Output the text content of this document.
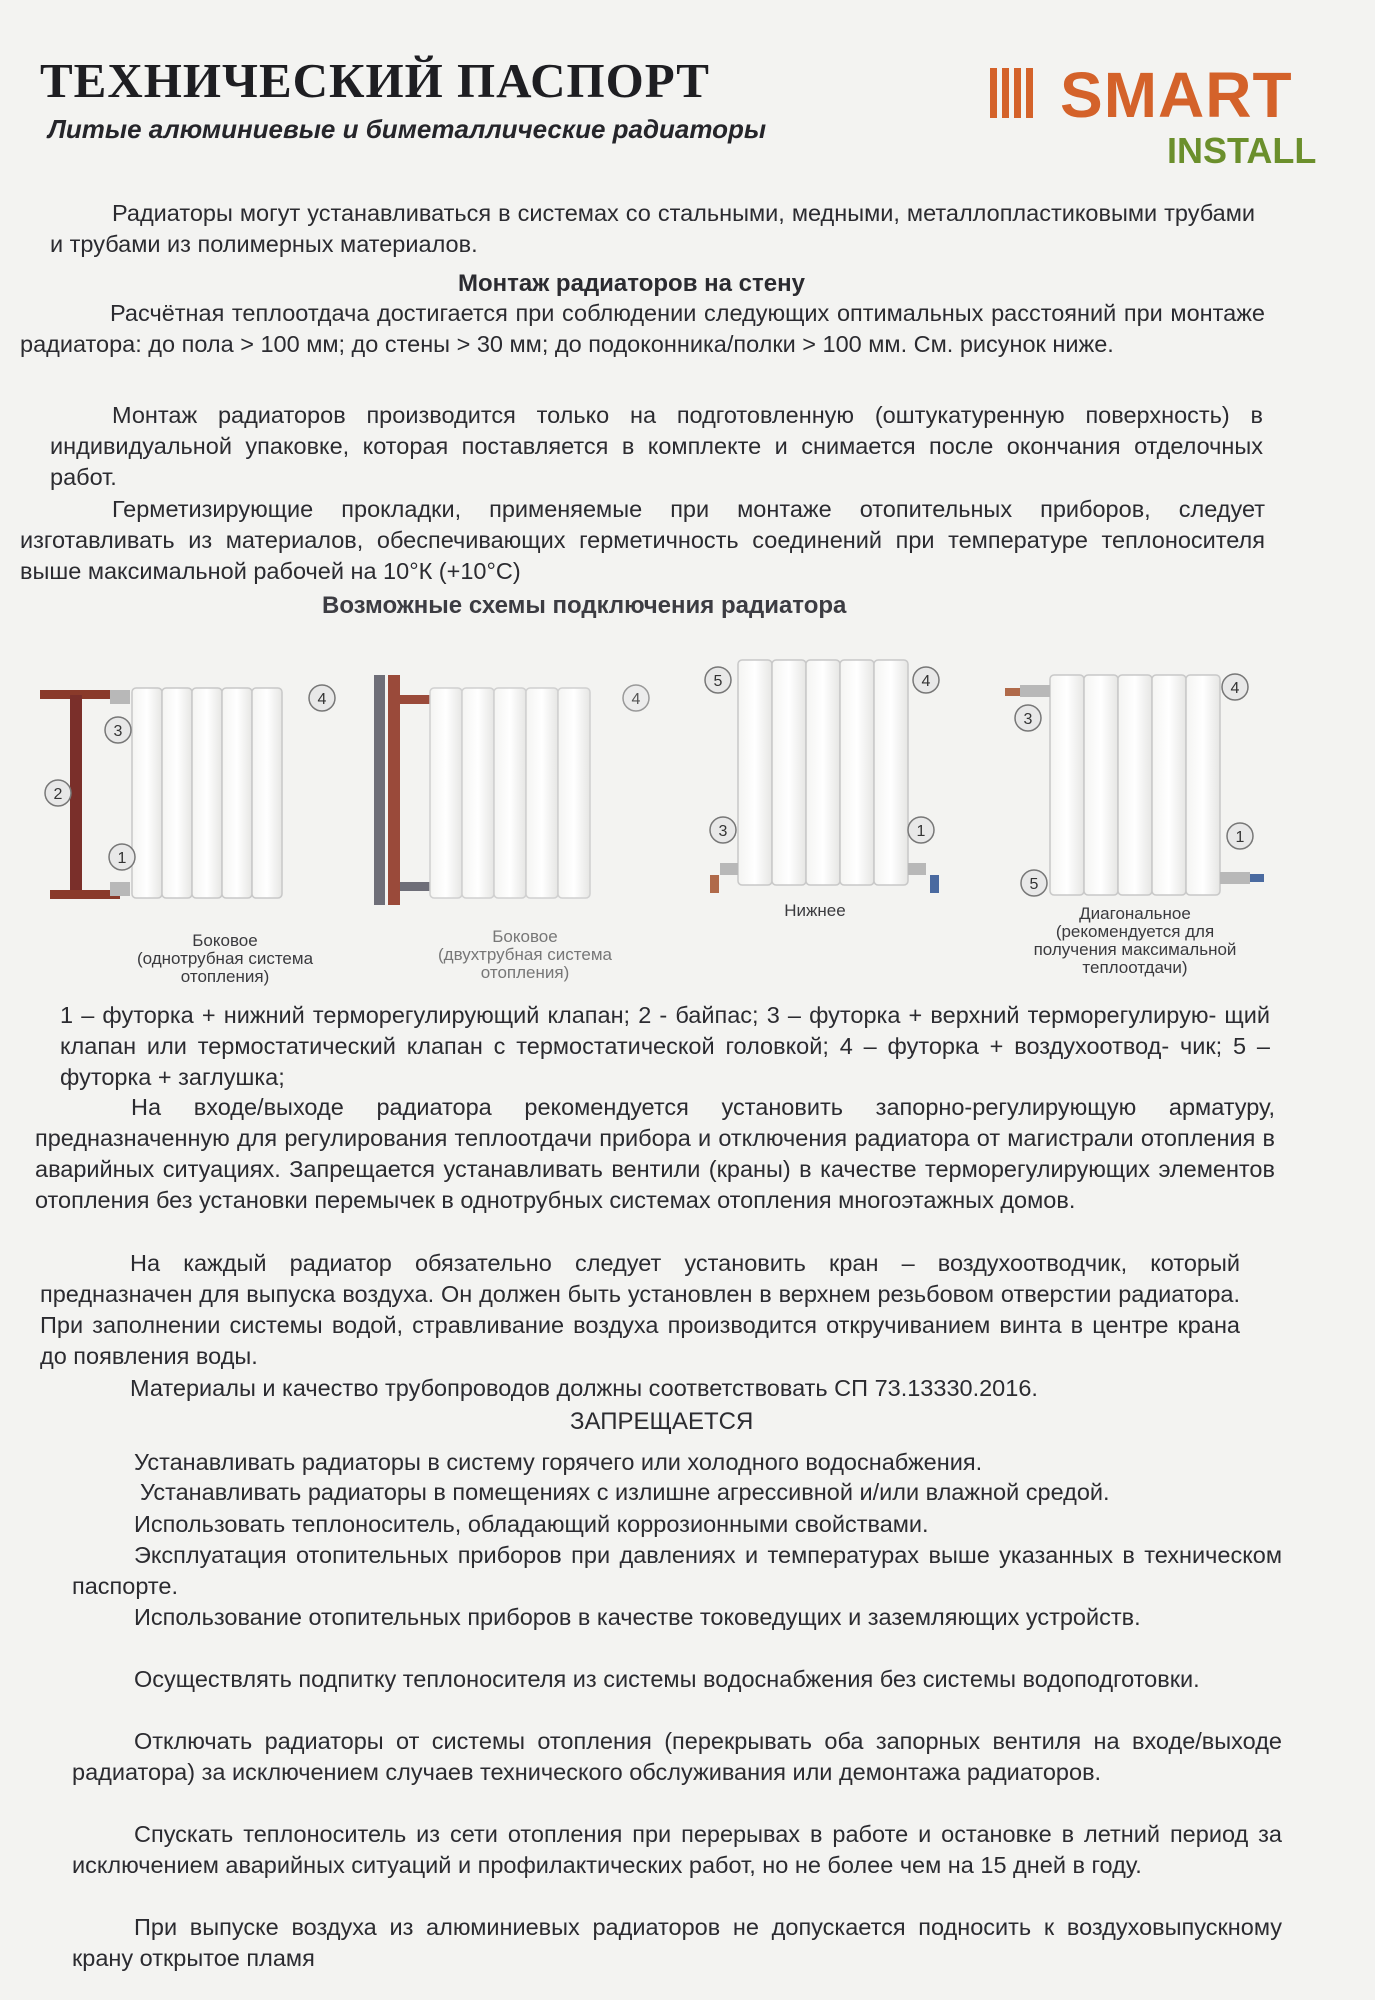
ТЕХНИЧЕСКИЙ ПАСПОРТ
Литые алюминиевые и биметаллические радиаторы	SMART
INSTALL
Радиаторы могут устанавливаться в системах со стальными, медными, металлопластиковыми трубами и трубами из полимерных материалов.
Монтаж радиаторов на стену
Расчётная теплоотдача достигается при соблюдении следующих оптимальных расстояний при монтаже радиатора: до пола > 100 мм; до стены > 30 мм; до подоконника/полки > 100 мм. См. рисунок ниже.
Монтаж радиаторов производится только на подготовленную (оштукатуренную поверхность) в индивидуальной упаковке, которая поставляется в комплекте и снимается после окончания отделочных работ.
Герметизирующие прокладки, применяемые при монтаже отопительных приборов, следует изготавливать из материалов, обеспечивающих герметичность соединений при температуре теплоносителя выше максимальной рабочей на 10°К (+10°С)
Возможные схемы подключения радиатора
4
3
2
1
4
5	4
3	1
4
3
1
5
Боковое
(однотрубная система
отопления)
Боковое
(двухтрубная система
отопления)
Нижнее	Диагональное
(рекомендуется для
получения максимальной
теплоотдачи)
1 – футорка + нижний терморегулирующий клапан; 2 - байпас; 3 – футорка + верхний терморегулирую- щий клапан или термостатический клапан с термостатической головкой; 4 – футорка + воздухоотвод- чик; 5 – футорка + заглушка;
На входе/выходе радиатора рекомендуется установить запорно-регулирующую арматуру, предназначенную для регулирования теплоотдачи прибора и отключения радиатора от магистрали отопления в аварийных ситуациях. Запрещается устанавливать вентили (краны) в качестве терморегулирующих элементов отопления без установки перемычек в однотрубных системах отопления многоэтажных домов.
На каждый радиатор обязательно следует установить кран – воздухоотводчик, который предназначен для выпуска воздуха. Он должен быть установлен в верхнем резьбовом отверстии радиатора. При заполнении системы водой, стравливание воздуха производится откручиванием винта в центре крана до появления воды.
Материалы и качество трубопроводов должны соответствовать СП 73.13330.2016.
ЗАПРЕЩАЕТСЯ
Устанавливать радиаторы в систему горячего или холодного водоснабжения.
Устанавливать радиаторы в помещениях с излишне агрессивной и/или влажной средой.
Использовать теплоноситель, обладающий коррозионными свойствами.
Эксплуатация отопительных приборов при давлениях и температурах выше указанных в техническом паспорте.
Использование отопительных приборов в качестве токоведущих и заземляющих устройств.
Осуществлять подпитку теплоносителя из системы водоснабжения без системы водоподготовки.
Отключать радиаторы от системы отопления (перекрывать оба запорных вентиля на входе/выходе радиатора) за исключением случаев технического обслуживания или демонтажа радиаторов.
Спускать теплоноситель из сети отопления при перерывах в работе и остановке в летний период за исключением аварийных ситуаций и профилактических работ, но не более чем на 15 дней в году.
При выпуске воздуха из алюминиевых радиаторов не допускается подносить к воздуховыпускному крану открытое пламя
